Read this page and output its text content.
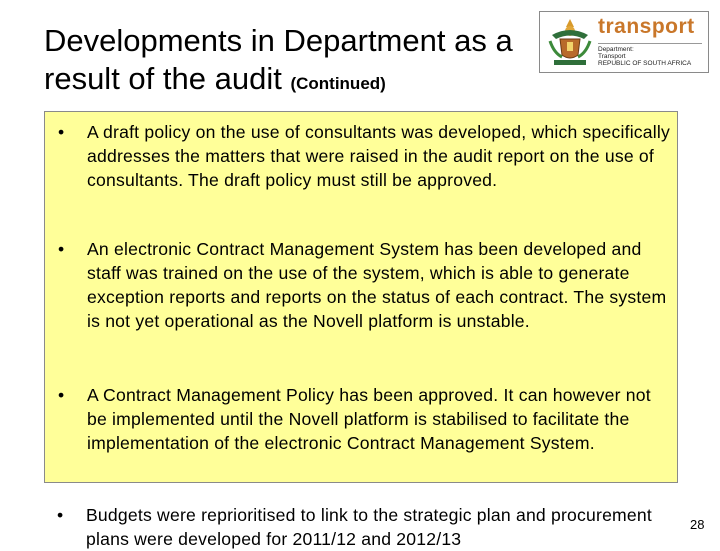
Developments in Department as a result of the audit (Continued)
transport
Department:
Transport
REPUBLIC OF SOUTH AFRICA
• A draft policy on the use of consultants was developed, which specifically addresses the matters that were raised in the audit report on the use of consultants. The draft policy must still be approved.
• An electronic Contract Management System has been developed and staff was trained on the use of the system, which is able to generate exception reports and reports on the status of each contract. The system is not yet operational as the Novell platform is unstable.
• A Contract Management Policy has been approved. It can however not be implemented until the Novell platform is stabilised to facilitate the implementation of the electronic Contract Management System.
• Budgets were reprioritised to link to the strategic plan and procurement plans were developed for 2011/12 and 2012/13
28
